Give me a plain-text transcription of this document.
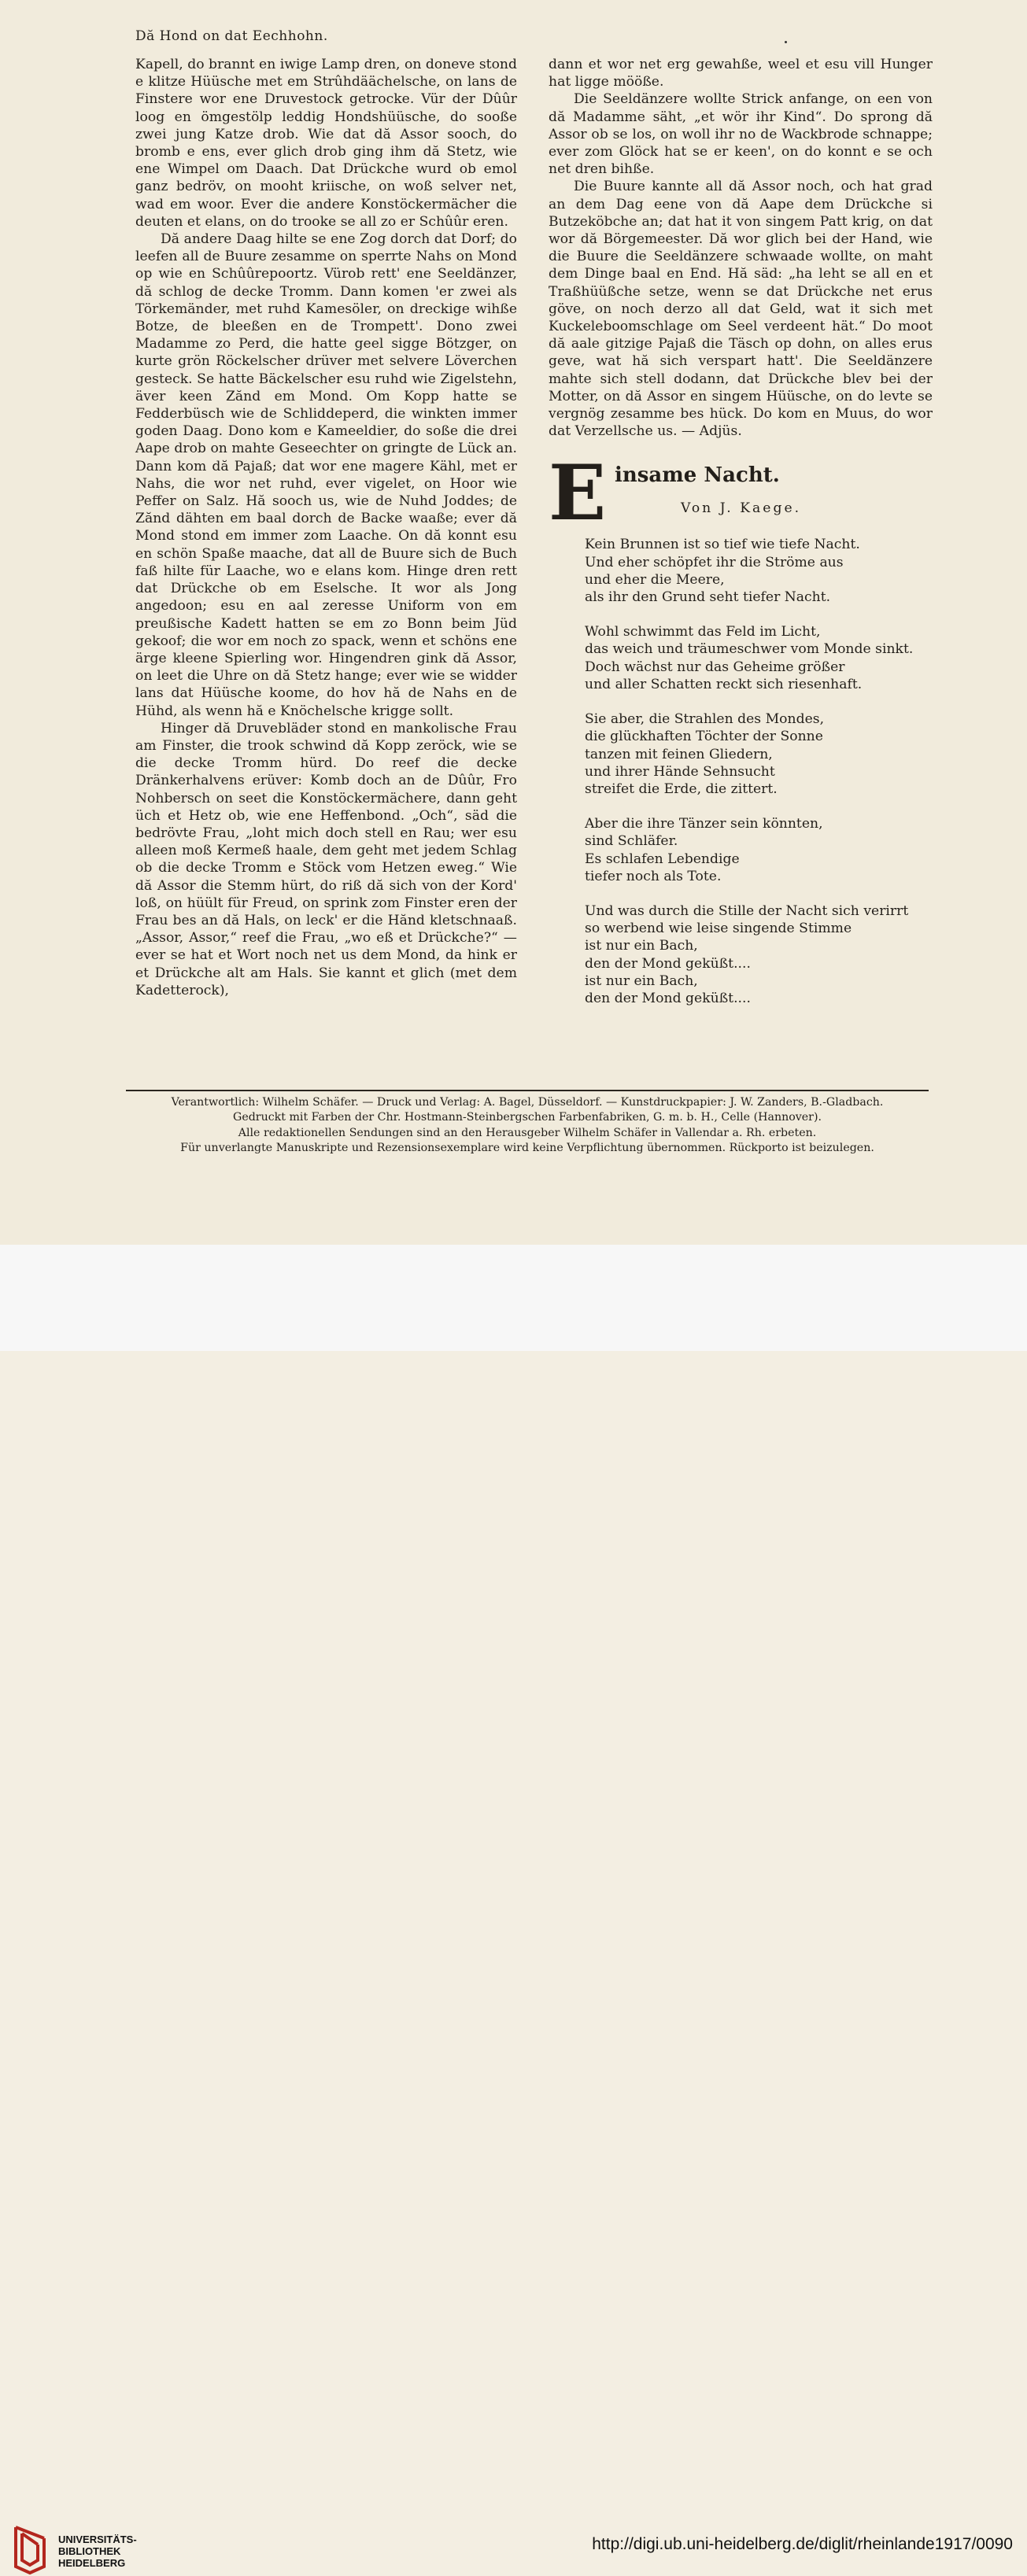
Dă Hond on dat Eechhohn.

Kapell, do brannt en iwige Lamp dren, on doneve stond e klitze Hüüsche met em Strûhdäächelsche, on lans de Finstere wor ene Druvestock getrocke. Vür der Dûûr loog en ömgestölp leddig Hondshüüsche, do sooße zwei jung Katze drob. Wie dat dă Assor sooch, do bromb e ens, ever glich drob ging ihm dă Stetz, wie ene Wimpel om Daach. Dat Drückche wurd ob emol ganz bedröv, on mooht kriische, on woß selver net, wad em woor. Ever die andere Konstöckermächer die deuten et elans, on do trooke se all zo er Schûûr eren.

Dă andere Daag hilte se ene Zog dorch dat Dorf; do leefen all de Buure zesamme on sperrte Nahs on Mond op wie en Schûûrepoortz. Vürob rett' ene Seeldänzer, dă schlog de decke Tromm. Dann komen 'er zwei als Törkemänder, met ruhd Kamesöler, on dreckige wihße Botze, de bleeßen en de Trompett'. Dono zwei Madamme zo Perd, die hatte geel sigge Bötzger, on kurte grön Röckelscher drüver met selvere Löverchen gesteck. Se hatte Bäckelscher esu ruhd wie Zigelstehn, äver keen Zănd em Mond. Om Kopp hatte se Fedderbüsch wie de Schliddeperd, die winkten immer goden Daag. Dono kom e Kameeldier, do soße die drei Aape drob on mahte Geseechter on gringte de Lück an. Dann kom dă Pajaß; dat wor ene magere Kähl, met er Nahs, die wor net ruhd, ever vigelet, on Hoor wie Peffer on Salz. Hă sooch us, wie de Nuhd Joddes; de Zănd dähten em baal dorch de Backe waaße; ever dă Mond stond em immer zom Laache. On dă konnt esu en schön Spaße maache, dat all de Buure sich de Buch faß hilte für Laache, wo e elans kom. Hinge dren rett dat Drückche ob em Eselsche. It wor als Jong angedoon; esu en aal zeresse Uniform von em preußische Kadett hatten se em zo Bonn beim Jüd gekoof; die wor em noch zo spack, wenn et schöns ene ärge kleene Spierling wor. Hingendren gink dă Assor, on leet die Uhre on dă Stetz hange; ever wie se widder lans dat Hüüsche koome, do hov hă de Nahs en de Hühd, als wenn hă e Knöchelsche krigge sollt.

Hinger dă Druvebläder stond en mankolische Frau am Finster, die trook schwind dă Kopp zeröck, wie se die decke Tromm hürd. Do reef die decke Dränkerhalvens erüver: Komb doch an de Dûûr, Fro Nohbersch on seet die Konstöckermächere, dann geht üch et Hetz ob, wie ene Heffenbond. „Och“, säd die bedrövte Frau, „loht mich doch stell en Rau; wer esu alleen moß Kermeß haale, dem geht met jedem Schlag ob die decke Tromm e Stöck vom Hetzen eweg.“ Wie dă Assor die Stemm hürt, do riß dă sich von der Kord' loß, on hüült für Freud, on sprink zom Finster eren der Frau bes an dă Hals, on leck' er die Hănd kletschnaaß. „Assor, Assor,“ reef die Frau, „wo eß et Drückche?“ — ever se hat et Wort noch net us dem Mond, da hink er et Drückche alt am Hals. Sie kannt et glich (met dem Kadetterock),

dann et wor net erg gewahße, weel et esu vill Hunger hat ligge mööße.

Die Seeldänzere wollte Strick anfange, on een von dă Madamme säht, „et wör ihr Kind“. Do sprong dă Assor ob se los, on woll ihr no de Wackbrode schnappe; ever zom Glöck hat se er keen', on do konnt e se och net dren bihße.

Die Buure kannte all dă Assor noch, och hat grad an dem Dag eene von dă Aape dem Drückche si Butzeköbche an; dat hat it von singem Patt krig, on dat wor dă Börgemeester. Dă wor glich bei der Hand, wie die Buure die Seeldänzere schwaade wollte, on maht dem Dinge baal en End. Hă säd: „ha leht se all en et Traßhüüßche setze, wenn se dat Drückche net erus göve, on noch derzo all dat Geld, wat it sich met Kuckeleboomschlage om Seel verdeent hät.“ Do moot dă aale gitzige Pajaß die Täsch op dohn, on alles erus geve, wat hă sich verspart hatt'. Die Seeldänzere mahte sich stell dodann, dat Drückche blev bei der Motter, on dă Assor en singem Hüüsche, on do levte se vergnög zesamme bes hück. Do kom en Muus, do wor dat Verzellsche us. — Adjüs.

E insame Nacht.
Von J. Kaege.
Kein Brunnen ist so tief wie tiefe Nacht.
Und eher schöpfet ihr die Ströme aus
und eher die Meere,
als ihr den Grund seht tiefer Nacht.
Wohl schwimmt das Feld im Licht,
das weich und träumeschwer vom Monde sinkt.
Doch wächst nur das Geheime größer
und aller Schatten reckt sich riesenhaft.
Sie aber, die Strahlen des Mondes,
die glückhaften Töchter der Sonne
tanzen mit feinen Gliedern,
und ihrer Hände Sehnsucht
streifet die Erde, die zittert.
Aber die ihre Tänzer sein könnten,
sind Schläfer.
Es schlafen Lebendige
tiefer noch als Tote.
Und was durch die Stille der Nacht sich verirrt
so werbend wie leise singende Stimme
ist nur ein Bach,
den der Mond geküßt....
ist nur ein Bach,
den der Mond geküßt....
Verantwortlich: Wilhelm Schäfer. — Druck und Verlag: A. Bagel, Düsseldorf. — Kunstdruckpapier: J. W. Zanders, B.-Gladbach.
Gedruckt mit Farben der Chr. Hostmann-Steinbergschen Farbenfabriken, G. m. b. H., Celle (Hannover).
Alle redaktionellen Sendungen sind an den Herausgeber Wilhelm Schäfer in Vallendar a. Rh. erbeten.
Für unverlangte Manuskripte und Rezensionsexemplare wird keine Verpflichtung übernommen. Rückporto ist beizulegen.
UNIVERSITÄTS-
BIBLIOTHEK
HEIDELBERG
http://digi.ub.uni-heidelberg.de/diglit/rheinlande1917/0090
